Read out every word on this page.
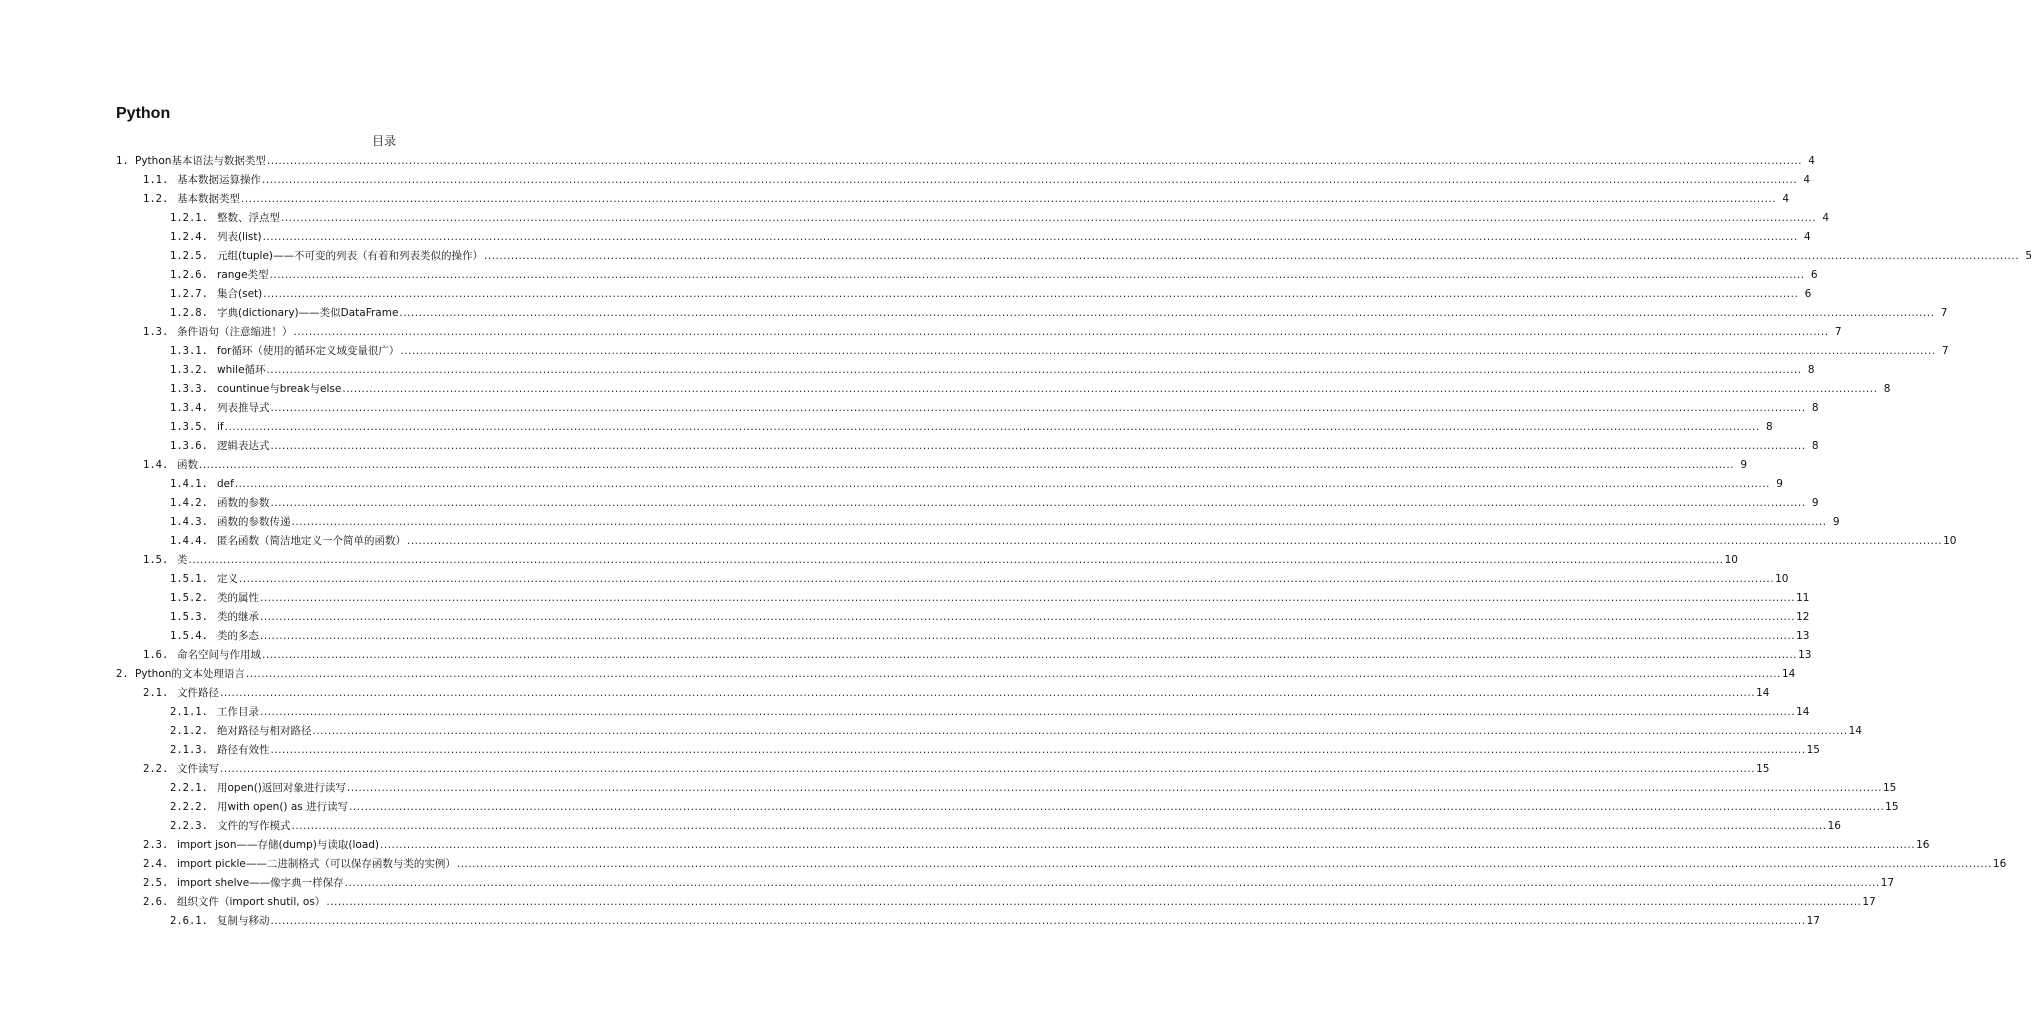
Python
目录
1. Python基本语法与数据类型 ................................................................................................................................................................................................................................................................................................................................................................................................................ 4
1.1. 基本数据运算操作 ................................................................................................................................................................................................................................................................................................................................................................................................................ 4
1.2. 基本数据类型 ................................................................................................................................................................................................................................................................................................................................................................................................................ 4
1.2.1. 整数、浮点型 ................................................................................................................................................................................................................................................................................................................................................................................................................ 4
1.2.4. 列表(list) ................................................................................................................................................................................................................................................................................................................................................................................................................ 4
1.2.5. 元组(tuple)——不可变的列表（有着和列表类似的操作） ................................................................................................................................................................................................................................................................................................................................................................................................................ 5
1.2.6. range类型 ................................................................................................................................................................................................................................................................................................................................................................................................................ 6
1.2.7. 集合(set) ................................................................................................................................................................................................................................................................................................................................................................................................................ 6
1.2.8. 字典(dictionary)——类似DataFrame ................................................................................................................................................................................................................................................................................................................................................................................................................ 7
1.3. 条件语句（注意缩进！） ................................................................................................................................................................................................................................................................................................................................................................................................................ 7
1.3.1. for循环（使用的循环定义域变量很广） ................................................................................................................................................................................................................................................................................................................................................................................................................ 7
1.3.2. while循环 ................................................................................................................................................................................................................................................................................................................................................................................................................ 8
1.3.3. countinue与break与else ................................................................................................................................................................................................................................................................................................................................................................................................................ 8
1.3.4. 列表推导式 ................................................................................................................................................................................................................................................................................................................................................................................................................ 8
1.3.5. if ................................................................................................................................................................................................................................................................................................................................................................................................................ 8
1.3.6. 逻辑表达式 ................................................................................................................................................................................................................................................................................................................................................................................................................ 8
1.4. 函数 ................................................................................................................................................................................................................................................................................................................................................................................................................ 9
1.4.1. def ................................................................................................................................................................................................................................................................................................................................................................................................................ 9
1.4.2. 函数的参数 ................................................................................................................................................................................................................................................................................................................................................................................................................ 9
1.4.3. 函数的参数传递 ................................................................................................................................................................................................................................................................................................................................................................................................................ 9
1.4.4. 匿名函数（简洁地定义一个简单的函数） ................................................................................................................................................................................................................................................................................................................................................................................................................ 10
1.5. 类 ................................................................................................................................................................................................................................................................................................................................................................................................................ 10
1.5.1. 定义 ................................................................................................................................................................................................................................................................................................................................................................................................................ 10
1.5.2. 类的属性 ................................................................................................................................................................................................................................................................................................................................................................................................................ 11
1.5.3. 类的继承 ................................................................................................................................................................................................................................................................................................................................................................................................................ 12
1.5.4. 类的多态 ................................................................................................................................................................................................................................................................................................................................................................................................................ 13
1.6. 命名空间与作用域 ................................................................................................................................................................................................................................................................................................................................................................................................................ 13
2. Python的文本处理语言 ................................................................................................................................................................................................................................................................................................................................................................................................................ 14
2.1. 文件路径 ................................................................................................................................................................................................................................................................................................................................................................................................................ 14
2.1.1. 工作目录 ................................................................................................................................................................................................................................................................................................................................................................................................................ 14
2.1.2. 绝对路径与相对路径 ................................................................................................................................................................................................................................................................................................................................................................................................................ 14
2.1.3. 路径有效性 ................................................................................................................................................................................................................................................................................................................................................................................................................ 15
2.2. 文件读写 ................................................................................................................................................................................................................................................................................................................................................................................................................ 15
2.2.1. 用open()返回对象进行读写 ................................................................................................................................................................................................................................................................................................................................................................................................................ 15
2.2.2. 用with open() as 进行读写 ................................................................................................................................................................................................................................................................................................................................................................................................................ 15
2.2.3. 文件的写作模式 ................................................................................................................................................................................................................................................................................................................................................................................................................ 16
2.3. import json——存储(dump)与读取(load) ................................................................................................................................................................................................................................................................................................................................................................................................................ 16
2.4. import pickle——二进制格式（可以保存函数与类的实例） ................................................................................................................................................................................................................................................................................................................................................................................................................ 16
2.5. import shelve——像字典一样保存 ................................................................................................................................................................................................................................................................................................................................................................................................................ 17
2.6. 组织文件（import shutil, os） ................................................................................................................................................................................................................................................................................................................................................................................................................ 17
2.6.1. 复制与移动 ................................................................................................................................................................................................................................................................................................................................................................................................................ 17
